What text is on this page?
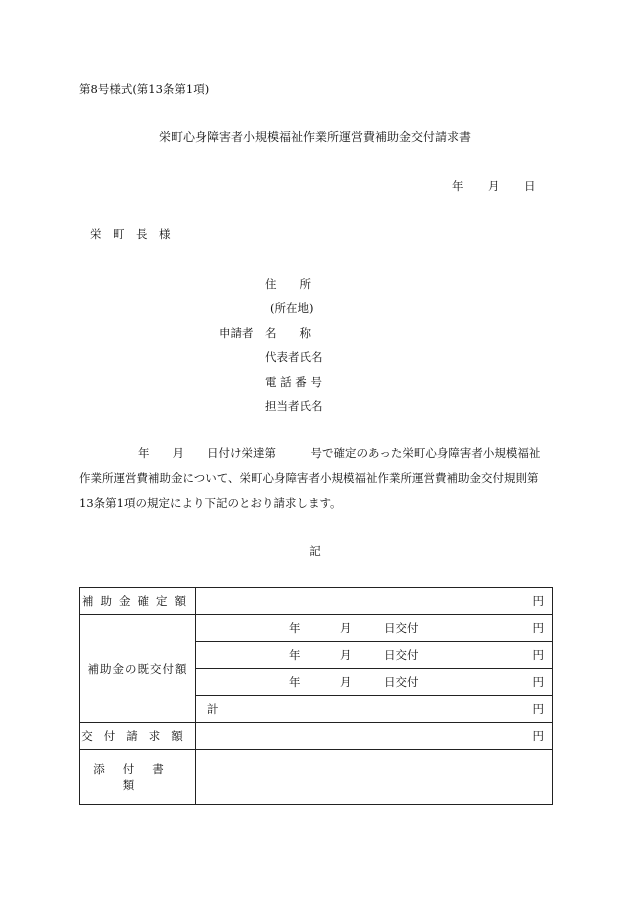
第8号様式(第13条第1項)
栄町心身障害者小規模福祉作業所運営費補助金交付請求書
年 月 日
栄　町　長　様
住　　所
(所在地)
申請者 名　　称
代表者氏名
電 話 番 号
担当者氏名
年　　月　　日付け栄達第　　　号で確定のあった栄町心身障害者小規模福祉
作業所運営費補助金について、栄町心身障害者小規模福祉作業所運営費補助金交付規則第
13条第1項の規定により下記のとおり請求します。
記
補助金確定額	円

補助金の既交付額	年 月 日交付 円

	年 月 日交付 円

	年 月 日交付 円

	計 円

交付請求額	円

添付書類	
